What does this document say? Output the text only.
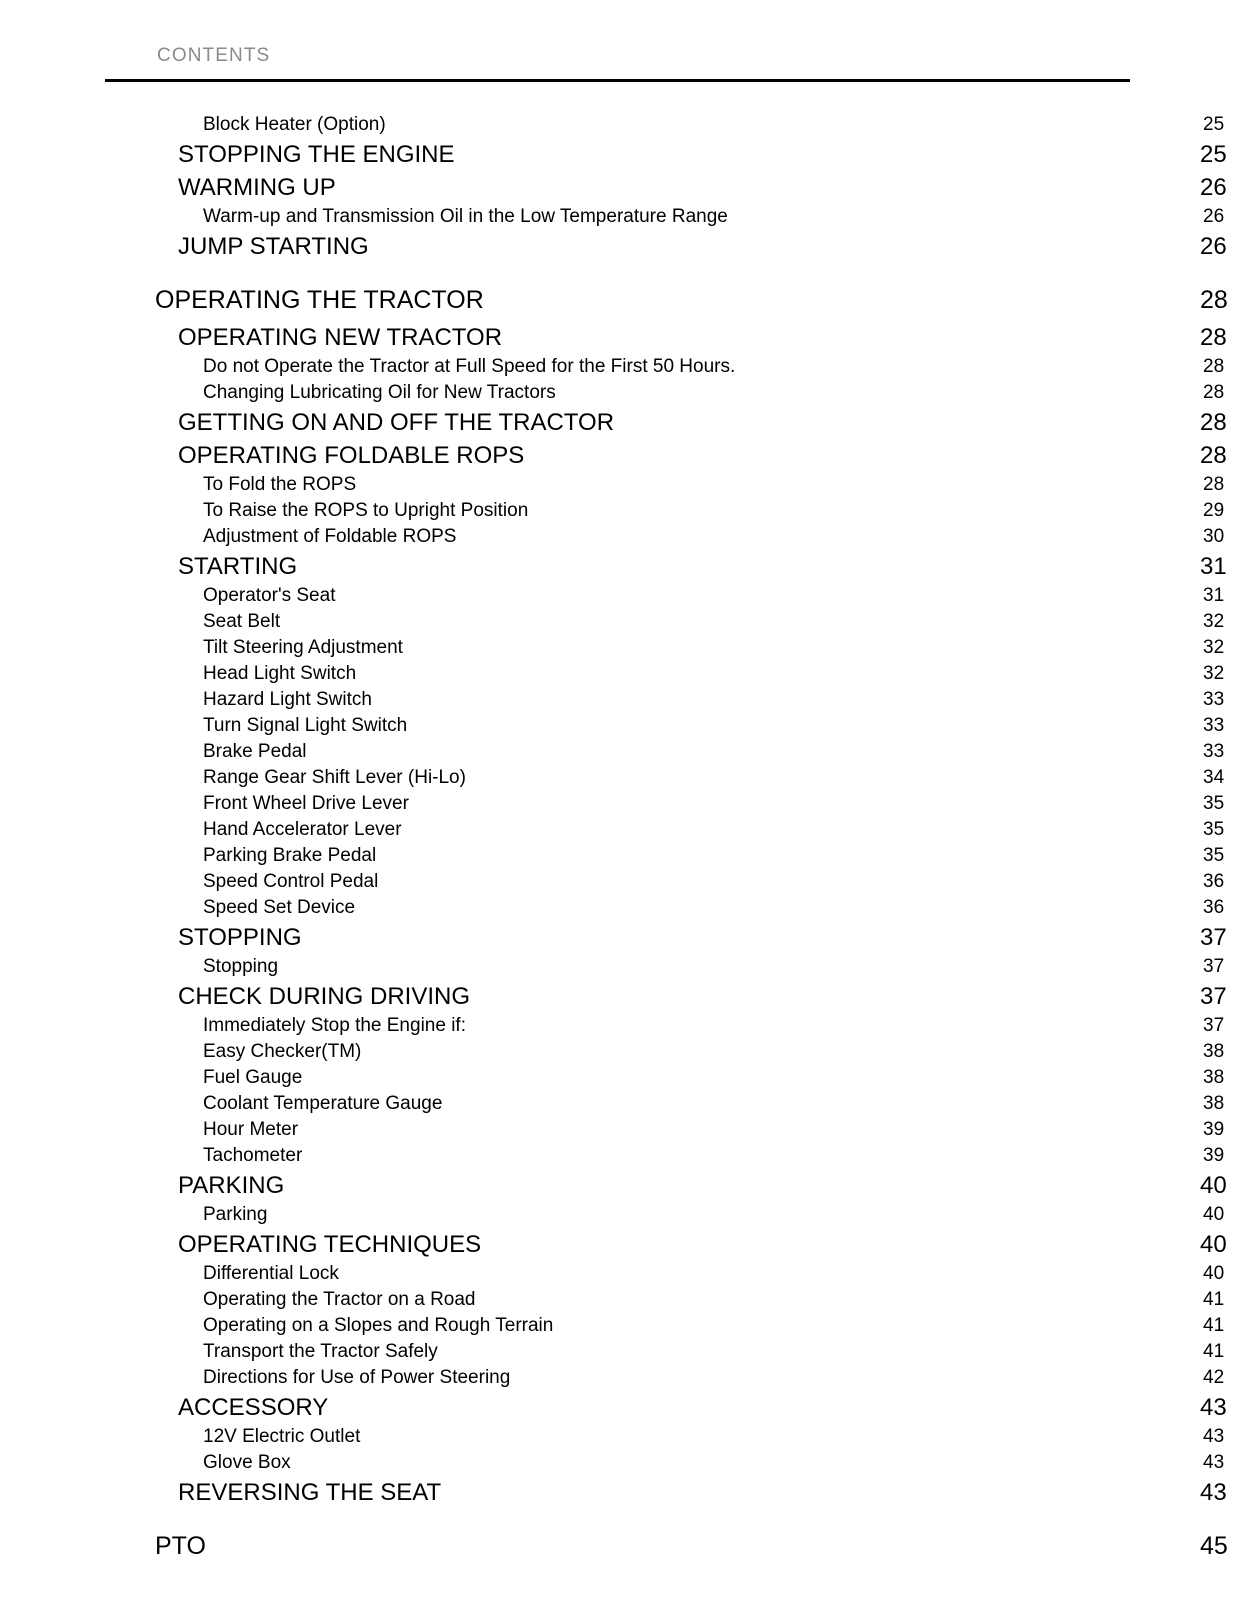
CONTENTS
Block Heater (Option)	25
STOPPING THE ENGINE	25
WARMING UP	26
Warm-up and Transmission Oil in the Low Temperature Range	26
JUMP STARTING	26
OPERATING THE TRACTOR	28
OPERATING NEW TRACTOR	28
Do not Operate the Tractor at Full Speed for the First 50 Hours.	28
Changing Lubricating Oil for New Tractors	28
GETTING ON AND OFF THE TRACTOR	28
OPERATING FOLDABLE ROPS	28
To Fold the ROPS	28
To Raise the ROPS to Upright Position	29
Adjustment of Foldable ROPS	30
STARTING	31
Operator's Seat	31
Seat Belt	32
Tilt Steering Adjustment	32
Head Light Switch	32
Hazard Light Switch	33
Turn Signal Light Switch	33
Brake Pedal	33
Range Gear Shift Lever (Hi-Lo)	34
Front Wheel Drive Lever	35
Hand Accelerator Lever	35
Parking Brake Pedal	35
Speed Control Pedal	36
Speed Set Device	36
STOPPING	37
Stopping	37
CHECK DURING DRIVING	37
Immediately Stop the Engine if:	37
Easy Checker(TM)	38
Fuel Gauge	38
Coolant Temperature Gauge	38
Hour Meter	39
Tachometer	39
PARKING	40
Parking	40
OPERATING TECHNIQUES	40
Differential Lock	40
Operating the Tractor on a Road	41
Operating on a Slopes and Rough Terrain	41
Transport the Tractor Safely	41
Directions for Use of Power Steering	42
ACCESSORY	43
12V Electric Outlet	43
Glove Box	43
REVERSING THE SEAT	43
PTO	45
